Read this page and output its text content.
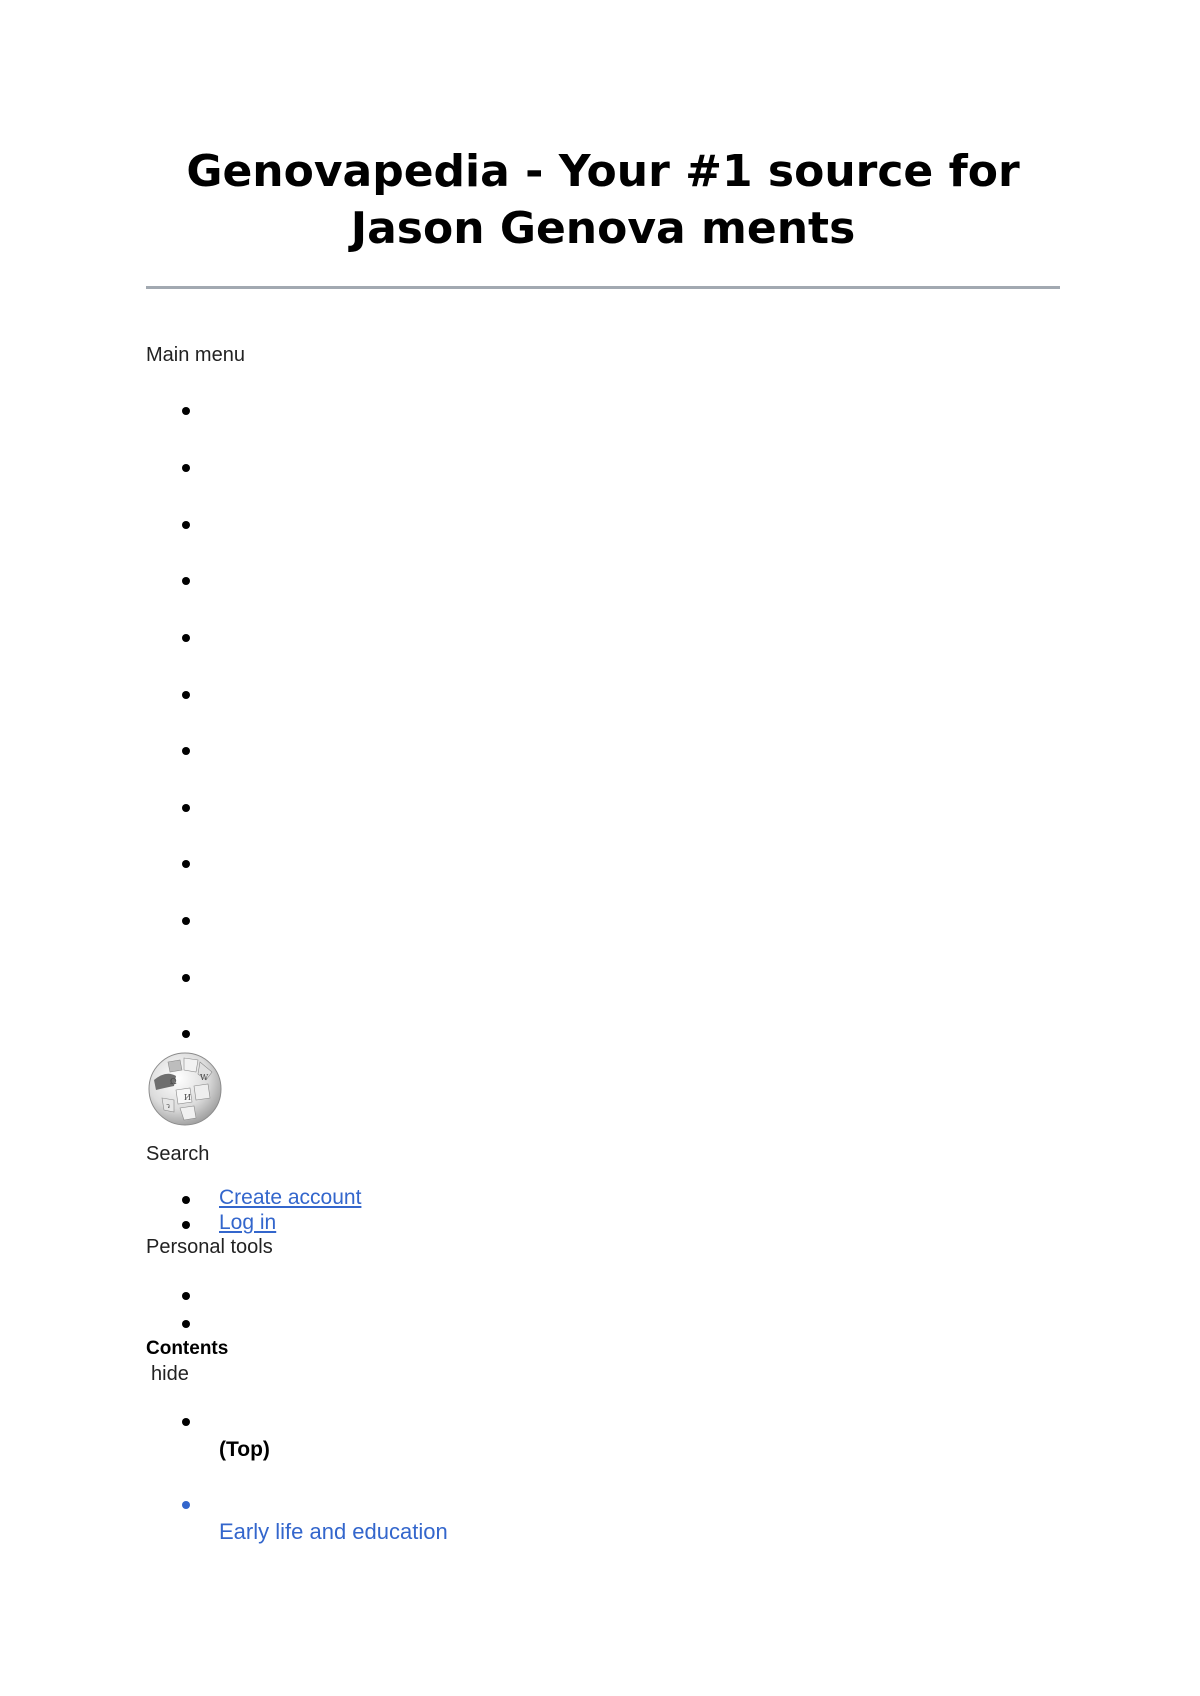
Genovapedia - Your #1 source for Jason Genova ments
Main menu
Ω	W
ว
И
Search
Create account
Log in
Personal tools
Contents
hide
(Top)
Early life and education
